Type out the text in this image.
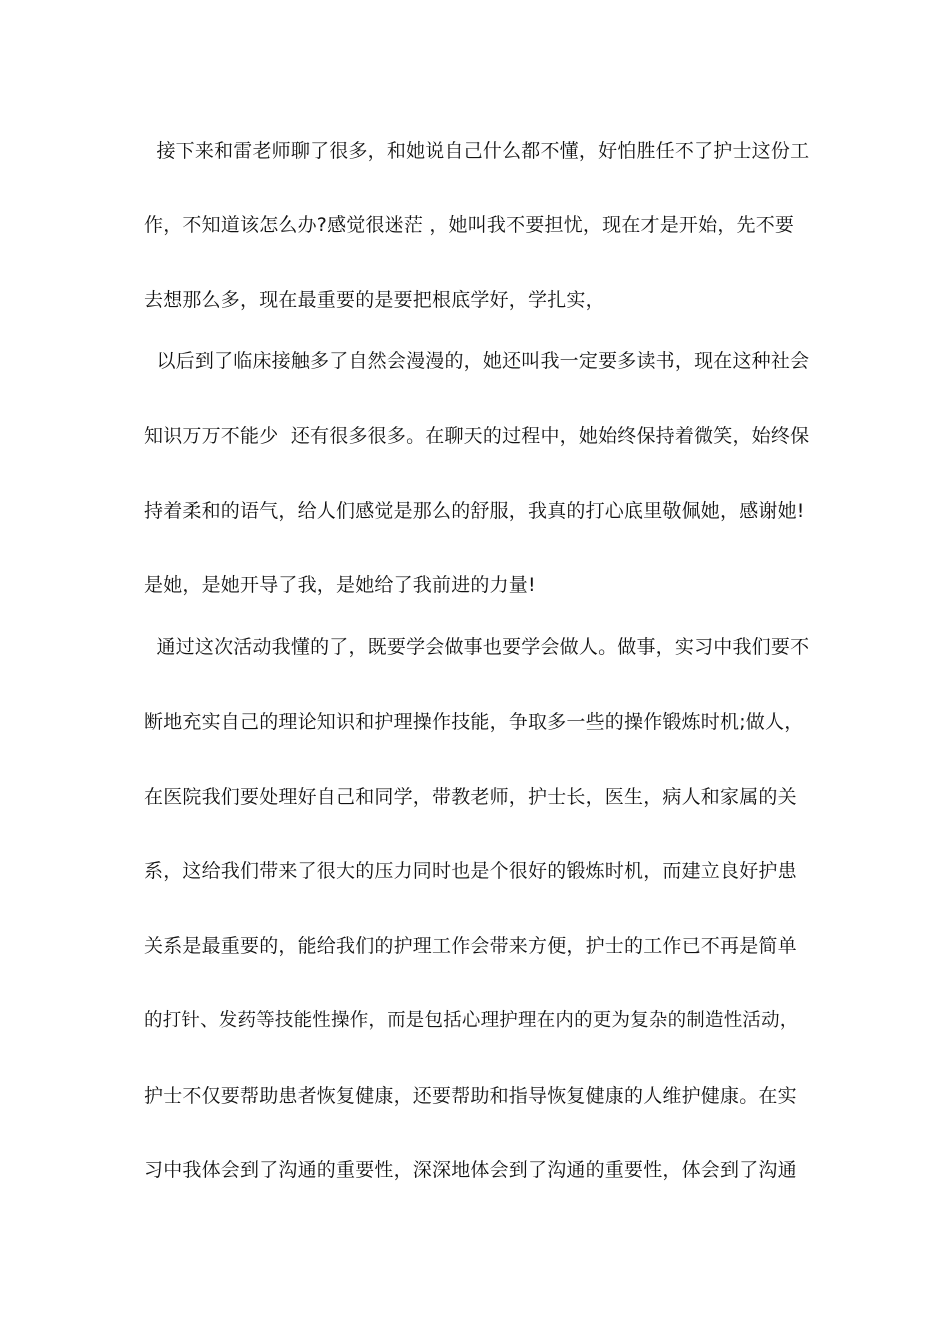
接下来和雷老师聊了很多，和她说自己什么都不懂，好怕胜任不了护士这份工
作，不知道该怎么办?感觉很迷茫 ，她叫我不要担忧，现在才是开始，先不要
去想那么多，现在最重要的是要把根底学好，学扎实，
以后到了临床接触多了自然会漫漫的，她还叫我一定要多读书，现在这种社会
知识万万不能少  还有很多很多。在聊天的过程中，她始终保持着微笑，始终保
持着柔和的语气，给人们感觉是那么的舒服，我真的打心底里敬佩她，感谢她!
是她，是她开导了我，是她给了我前进的力量!
通过这次活动我懂的了，既要学会做事也要学会做人。做事，实习中我们要不
断地充实自己的理论知识和护理操作技能，争取多一些的操作锻炼时机;做人，
在医院我们要处理好自己和同学，带教老师，护士长，医生，病人和家属的关
系，这给我们带来了很大的压力同时也是个很好的锻炼时机，而建立良好护患
关系是最重要的，能给我们的护理工作会带来方便，护士的工作已不再是简单
的打针、发药等技能性操作，而是包括心理护理在内的更为复杂的制造性活动，
护士不仅要帮助患者恢复健康，还要帮助和指导恢复健康的人维护健康。在实
习中我体会到了沟通的重要性，深深地体会到了沟通的重要性，体会到了沟通
